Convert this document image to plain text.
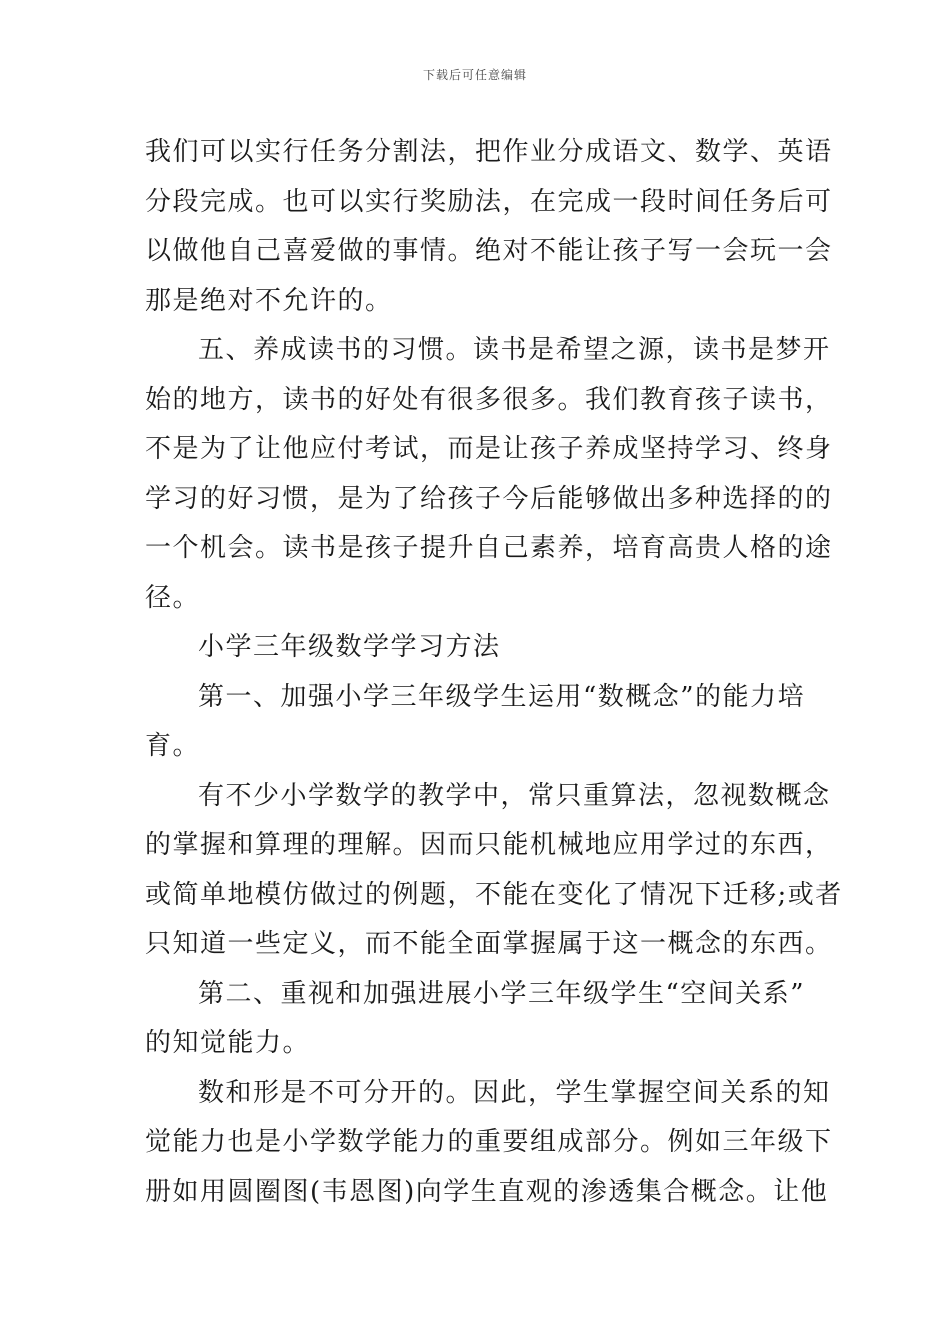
下载后可任意编辑
我们可以实行任务分割法，把作业分成语文、数学、英语
分段完成。也可以实行奖励法，在完成一段时间任务后可
以做他自己喜爱做的事情。绝对不能让孩子写一会玩一会
那是绝对不允许的。
五、养成读书的习惯。读书是希望之源，读书是梦开
始的地方，读书的好处有很多很多。我们教育孩子读书，
不是为了让他应付考试，而是让孩子养成坚持学习、终身
学习的好习惯，是为了给孩子今后能够做出多种选择的的
一个机会。读书是孩子提升自己素养，培育高贵人格的途
径。
小学三年级数学学习方法
第一、加强小学三年级学生运用“数概念”的能力培
育。
有不少小学数学的教学中，常只重算法，忽视数概念
的掌握和算理的理解。因而只能机械地应用学过的东西，
或简单地模仿做过的例题，不能在变化了情况下迁移;或者
只知道一些定义，而不能全面掌握属于这一概念的东西。
第二、重视和加强进展小学三年级学生“空间关系”
的知觉能力。
数和形是不可分开的。因此，学生掌握空间关系的知
觉能力也是小学数学能力的重要组成部分。例如三年级下
册如用圆圈图(韦恩图)向学生直观的渗透集合概念。让他
